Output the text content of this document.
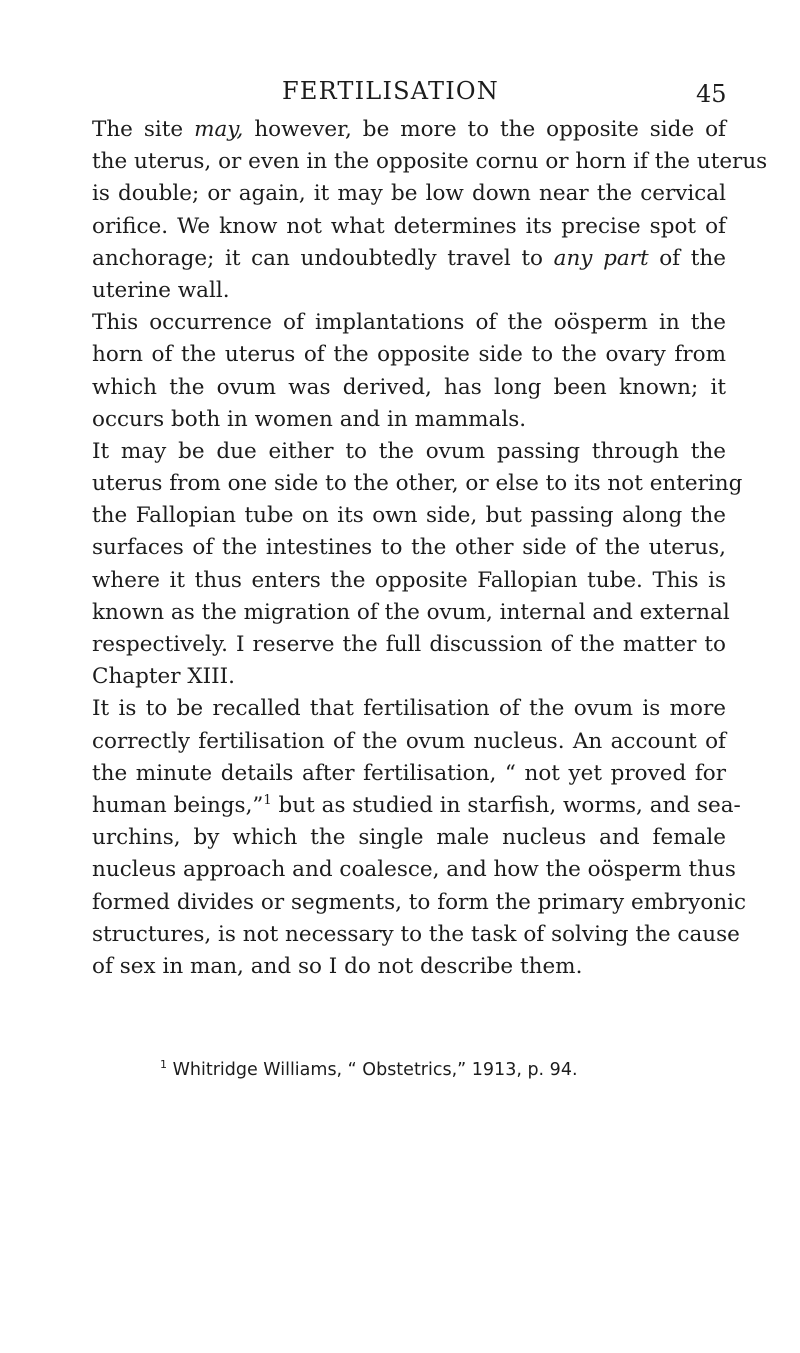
FERTILISATION	45
The site may, however, be more to the opposite side of
the uterus, or even in the opposite cornu or horn if the uterus
is double; or again, it may be low down near the cervical
orifice. We know not what determines its precise spot of
anchorage; it can undoubtedly travel to any part of the
uterine wall.
This occurrence of implantations of the oösperm in the
horn of the uterus of the opposite side to the ovary from
which the ovum was derived, has long been known; it
occurs both in women and in mammals.
It may be due either to the ovum passing through the
uterus from one side to the other, or else to its not entering
the Fallopian tube on its own side, but passing along the
surfaces of the intestines to the other side of the uterus,
where it thus enters the opposite Fallopian tube. This is
known as the migration of the ovum, internal and external
respectively. I reserve the full discussion of the matter to
Chapter XIII.
It is to be recalled that fertilisation of the ovum is more
correctly fertilisation of the ovum nucleus. An account of
the minute details after fertilisation, “ not yet proved for
human beings,”$^1$ but as studied in starfish, worms, and sea-
urchins, by which the single male nucleus and female
nucleus approach and coalesce, and how the oösperm thus
formed divides or segments, to form the primary embryonic
structures, is not necessary to the task of solving the cause
of sex in man, and so I do not describe them.
$^1$ Whitridge Williams, “ Obstetrics,” 1913, p. 94.
